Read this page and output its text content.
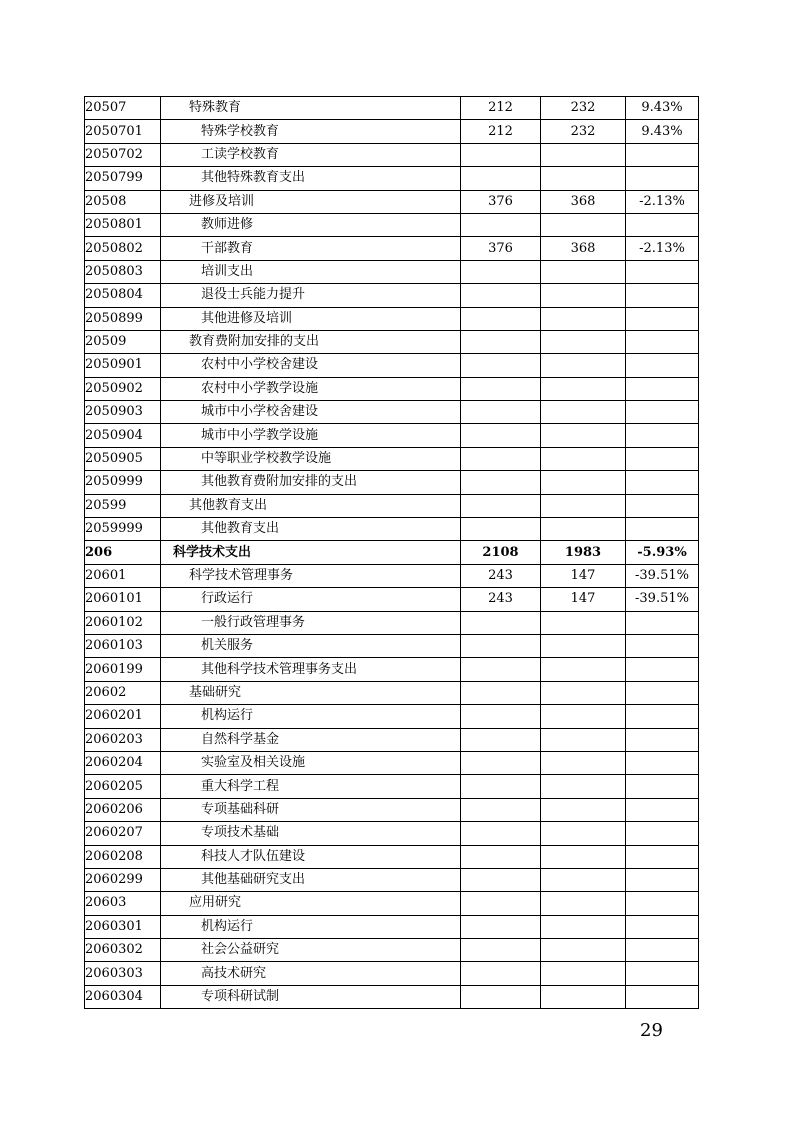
20507	特殊教育	212	232	9.43%
2050701	特殊学校教育	212	232	9.43%
2050702	工读学校教育			
2050799	其他特殊教育支出			
20508	进修及培训	376	368	-2.13%
2050801	教师进修			
2050802	干部教育	376	368	-2.13%
2050803	培训支出			
2050804	退役士兵能力提升			
2050899	其他进修及培训			
20509	教育费附加安排的支出			
2050901	农村中小学校舍建设			
2050902	农村中小学教学设施			
2050903	城市中小学校舍建设			
2050904	城市中小学教学设施			
2050905	中等职业学校教学设施			
2050999	其他教育费附加安排的支出			
20599	其他教育支出			
2059999	其他教育支出			
206	科学技术支出	2108	1983	-5.93%
20601	科学技术管理事务	243	147	-39.51%
2060101	行政运行	243	147	-39.51%
2060102	一般行政管理事务			
2060103	机关服务			
2060199	其他科学技术管理事务支出			
20602	基础研究			
2060201	机构运行			
2060203	自然科学基金			
2060204	实验室及相关设施			
2060205	重大科学工程			
2060206	专项基础科研			
2060207	专项技术基础			
2060208	科技人才队伍建设			
2060299	其他基础研究支出			
20603	应用研究			
2060301	机构运行			
2060302	社会公益研究			
2060303	高技术研究			
2060304	专项科研试制			
29
